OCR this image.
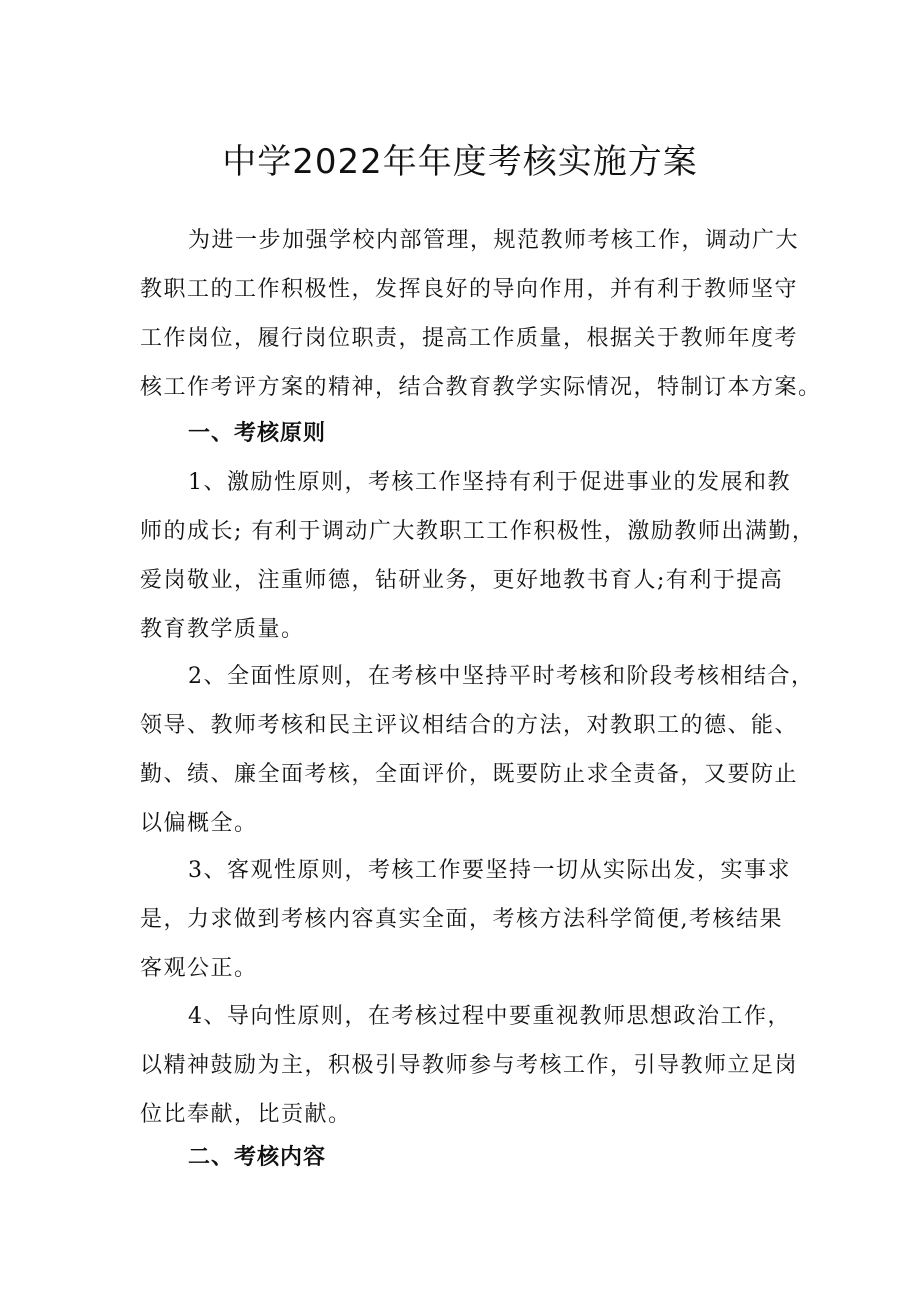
中学2022年年度考核实施方案
为进一步加强学校内部管理，规范教师考核工作，调动广大
教职工的工作积极性，发挥良好的导向作用，并有利于教师坚守
工作岗位，履行岗位职责，提高工作质量，根据关于教师年度考
核工作考评方案的精神，结合教育教学实际情况，特制订本方案。
一、考核原则
1、激励性原则，考核工作坚持有利于促进事业的发展和教
师的成长; 有利于调动广大教职工工作积极性，激励教师出满勤，
爱岗敬业，注重师德，钻研业务，更好地教书育人;有利于提高
教育教学质量。
2、全面性原则，在考核中坚持平时考核和阶段考核相结合，
领导、教师考核和民主评议相结合的方法，对教职工的德、能、
勤、绩、廉全面考核，全面评价，既要防止求全责备，又要防止
以偏概全。
3、客观性原则，考核工作要坚持一切从实际出发，实事求
是，力求做到考核内容真实全面，考核方法科学简便,考核结果
客观公正。
4、导向性原则，在考核过程中要重视教师思想政治工作，
以精神鼓励为主，积极引导教师参与考核工作，引导教师立足岗
位比奉献，比贡献。
二、考核内容
